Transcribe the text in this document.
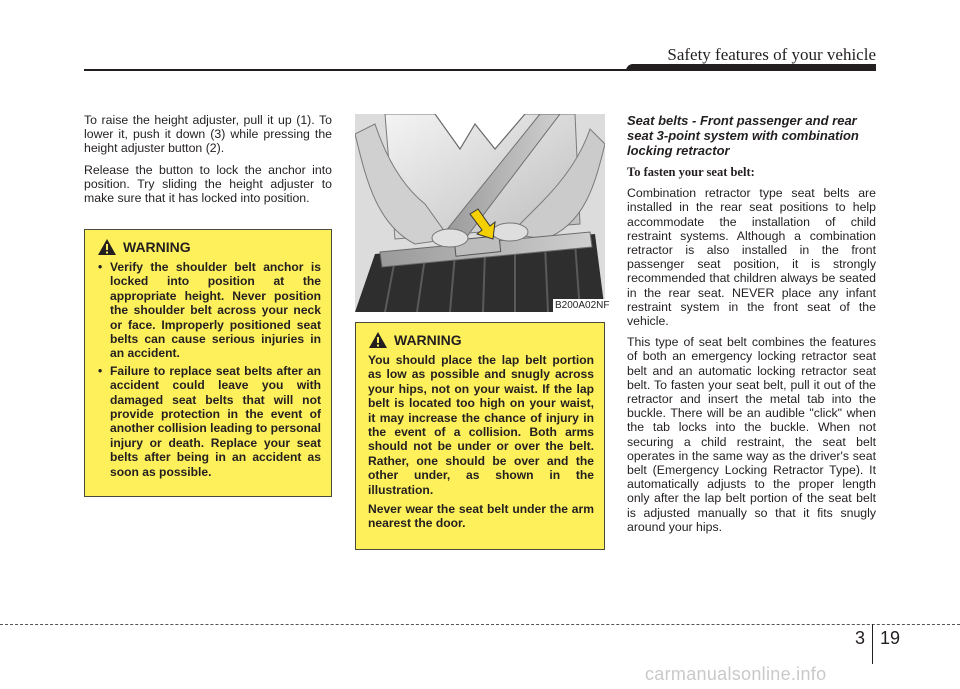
Safety features of your vehicle

To raise the height adjuster, pull it up (1). To lower it, push it down (3) while pressing the height adjuster button (2).

Release the button to lock the anchor into position. Try sliding the height adjuster to make sure that it has locked into position.

WARNING
• Verify the shoulder belt anchor is locked into position at the appropriate height. Never position the shoulder belt across your neck or face. Improperly positioned seat belts can cause serious injuries in an accident.
• Failure to replace seat belts after an accident could leave you with damaged seat belts that will not provide protection in the event of another collision leading to personal injury or death. Replace your seat belts after being in an accident as soon as possible.
B200A02NF
WARNING

You should place the lap belt portion as low as possible and snugly across your hips, not on your waist. If the lap belt is located too high on your waist, it may increase the chance of injury in the event of a collision. Both arms should not be under or over the belt. Rather, one should be over and the other under, as shown in the illustration.

Never wear the seat belt under the arm nearest the door.

Seat belts - Front passenger and rear seat 3-point system with combination locking retractor

To fasten your seat belt:

Combination retractor type seat belts are installed in the rear seat positions to help accommodate the installation of child restraint systems. Although a combination retractor is also installed in the front passenger seat position, it is strongly recommended that children always be seated in the rear seat. NEVER place any infant restraint system in the front seat of the vehicle.

This type of seat belt combines the features of both an emergency locking retractor seat belt and an automatic locking retractor seat belt. To fasten your seat belt, pull it out of the retractor and insert the metal tab into the buckle. There will be an audible "click" when the tab locks into the buckle. When not securing a child restraint, the seat belt operates in the same way as the driver's seat belt (Emergency Locking Retractor Type). It automatically adjusts to the proper length only after the lap belt portion of the seat belt is adjusted manually so that it fits snugly around your hips.

3 19
carmanualsonline.info
